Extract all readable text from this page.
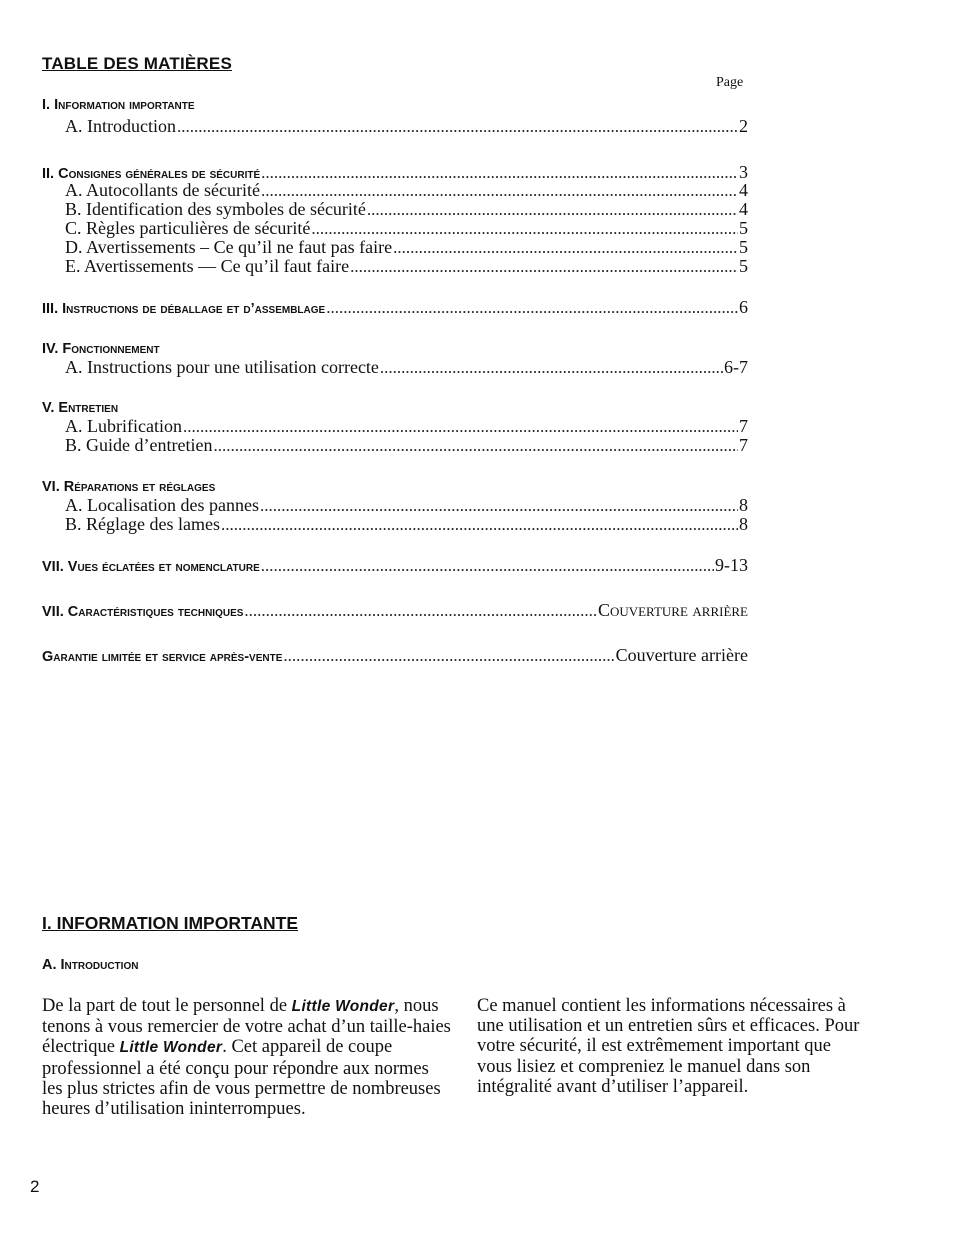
TABLE DES MATIÈRES
Page
I. Information importante
A. Introduction .....	2
II. Consignes générales de sécurité .....	3
A. Autocollants de sécurité .....	4
B. Identification des symboles de sécurité .....	4
C. Règles particulières de sécurité .....	5
D. Avertissements – Ce qu’il ne faut pas faire .....	5
E. Avertissements — Ce qu’il faut faire .....	5
III. Instructions de déballage et d’assemblage .....	6
IV. Fonctionnement
A. Instructions pour une utilisation correcte .....	6-7
V. Entretien
A. Lubrification .....	7
B. Guide d’entretien .....	7
VI. Réparations et réglages
A. Localisation des pannes .....	8
B. Réglage des lames .....	8
VII. Vues éclatées et nomenclature .....	9-13
VII. Caractéristiques techniques .....	Couverture arrière
Garantie limitée et service après-vente .....	Couverture arrière
I. INFORMATION IMPORTANTE
A. Introduction
De la part de tout le personnel de Little Wonder, nous tenons à vous remercier de votre achat d’un taille-haies électrique Little Wonder. Cet appareil de coupe professionnel a été conçu pour répondre aux normes les plus strictes afin de vous permettre de nombreuses heures d’utilisation ininterrompues.
Ce manuel contient les informations nécessaires à une utilisation et un entretien sûrs et efficaces. Pour votre sécurité, il est extrêmement important que vous lisiez et compreniez le manuel dans son intégralité avant d’utiliser l’appareil.
2
